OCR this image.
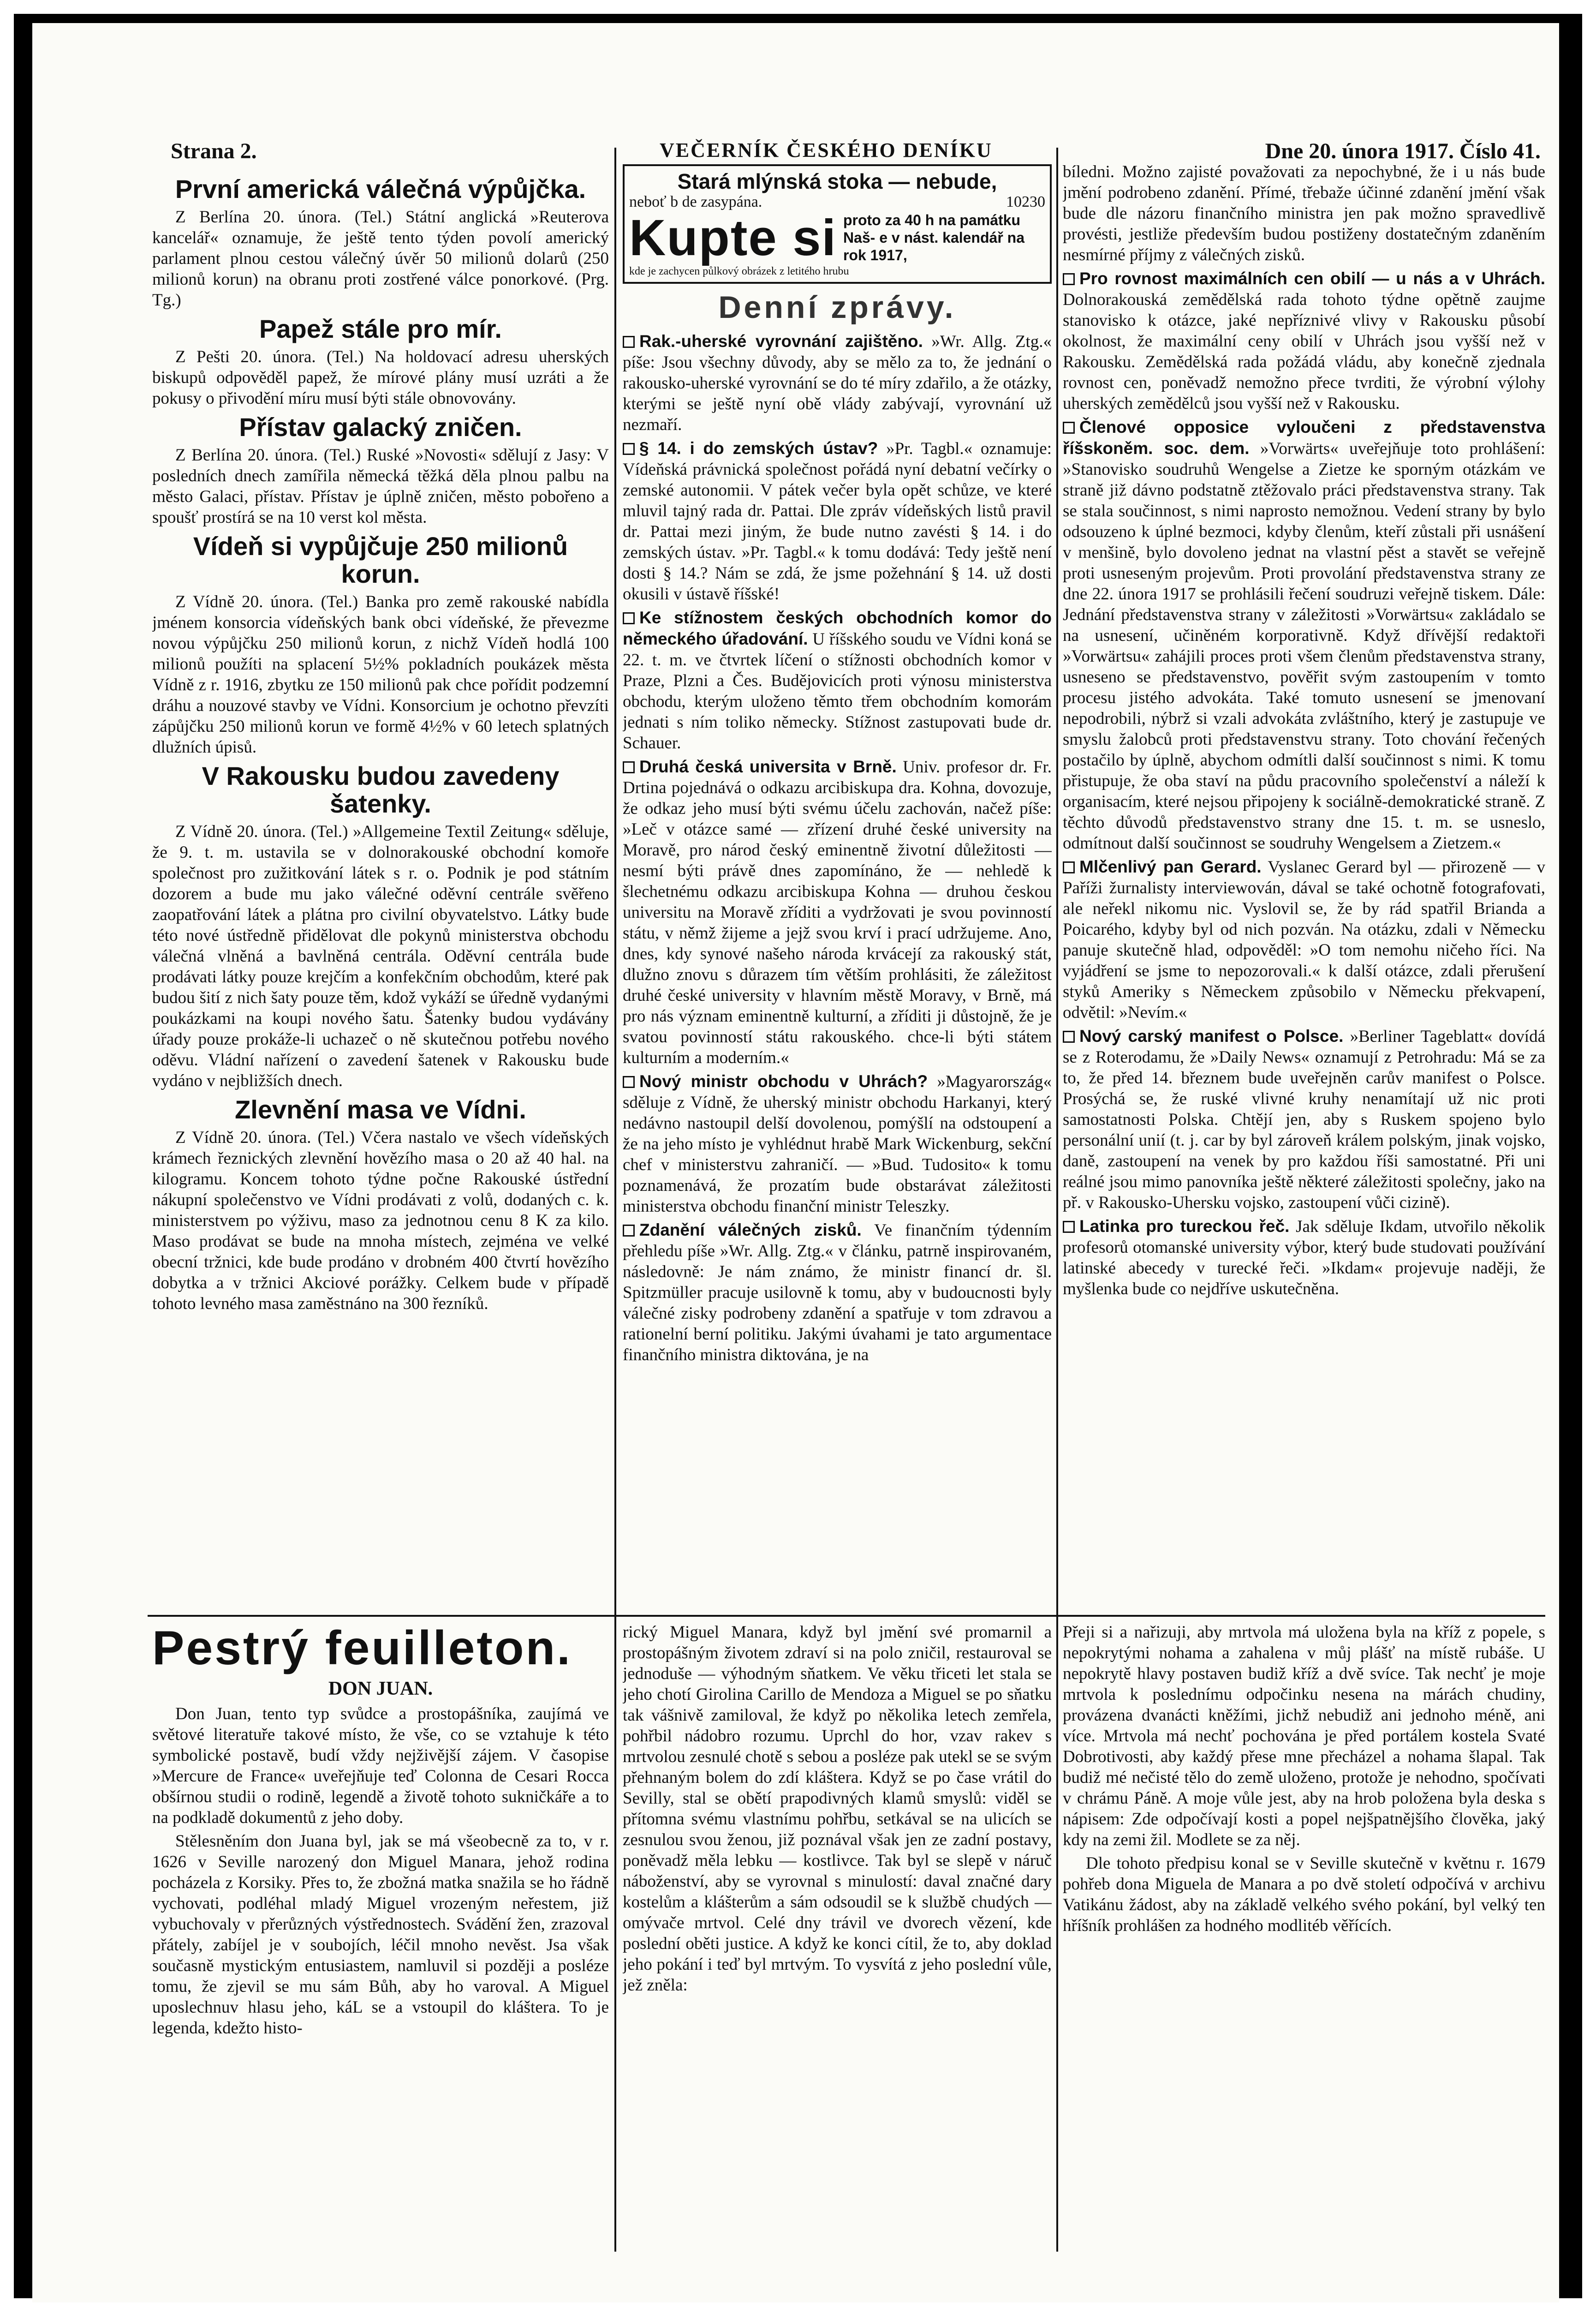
Strana 2.	VEČERNÍK ČESKÉHO DENÍKU	Dne 20. února 1917. Číslo 41.
První americká válečná výpůjčka.

Z Berlína 20. února. (Tel.) Státní anglická »Reuterova kancelář« oznamuje, že ještě tento týden povolí americký parlament plnou cestou válečný úvěr 50 milionů dolarů (250 milionů korun) na obranu proti zostřené válce ponorkové. (Prg. Tg.)

Papež stále pro mír.

Z Pešti 20. února. (Tel.) Na holdovací adresu uherských biskupů odpověděl papež, že mírové plány musí uzráti a že pokusy o přivodění míru musí býti stále obnovovány.

Přístav galacký zničen.

Z Berlína 20. února. (Tel.) Ruské »Novosti« sdělují z Jasy: V posledních dnech zamířila německá těžká děla plnou palbu na město Galaci, přístav. Přístav je úplně zničen, město pobořeno a spoušť prostírá se na 10 verst kol města.

Vídeň si vypůjčuje 250 milionů korun.

Z Vídně 20. února. (Tel.) Banka pro země rakouské nabídla jménem konsorcia vídeňských bank obci vídeňské, že převezme novou výpůjčku 250 milionů korun, z nichž Vídeň hodlá 100 milionů použíti na splacení 5½% pokladních poukázek města Vídně z r. 1916, zbytku ze 150 milionů pak chce pořídit podzemní dráhu a nouzové stavby ve Vídni. Konsorcium je ochotno převzíti zápůjčku 250 milionů korun ve formě 4½% v 60 letech splatných dlužních úpisů.

V Rakousku budou zavedeny šatenky.

Z Vídně 20. února. (Tel.) »Allgemeine Textil Zeitung« sděluje, že 9. t. m. ustavila se v dolnorakouské obchodní komoře společnost pro zužitkování látek s r. o. Podnik je pod státním dozorem a bude mu jako válečné oděvní centrále svěřeno zaopatřování látek a plátna pro civilní obyvatelstvo. Látky bude této nové ústředně přidělovat dle pokynů ministerstva obchodu válečná vlněná a bavlněná centrála. Oděvní centrála bude prodávati látky pouze krejčím a konfekčním obchodům, které pak budou šití z nich šaty pouze těm, kdož vykáží se úředně vydanými poukázkami na koupi nového šatu. Šatenky budou vydávány úřady pouze prokáže-li uchazeč o ně skutečnou potřebu nového oděvu. Vládní nařízení o zavedení šatenek v Rakousku bude vydáno v nejbližších dnech.

Zlevnění masa ve Vídni.

Z Vídně 20. února. (Tel.) Včera nastalo ve všech vídeňských krámech řeznických zlevnění hovězího masa o 20 až 40 hal. na kilogramu. Koncem tohoto týdne počne Rakouské ústřední nákupní společenstvo ve Vídni prodávati z volů, dodaných c. k. ministerstvem po výživu, maso za jednotnou cenu 8 K za kilo. Maso prodávat se bude na mnoha místech, zejména ve velké obecní tržnici, kde bude prodáno v drobném 400 čtvrtí hovězího dobytka a v tržnici Akciové porážky. Celkem bude v případě tohoto levného masa zaměstnáno na 300 řezníků.

Stará mlýnská stoka — nebude,
neboť b de zasypána.	10230
Kupte si proto za 40 h na památku Naš- e v nást. kalendář na rok 1917,
kde je zachycen půlkový obrázek z letitého hrubu
Denní zprávy.

Rak.-uherské vyrovnání zajištěno. »Wr. Allg. Ztg.« píše: Jsou všechny důvody, aby se mělo za to, že jednání o rakousko-uherské vyrovnání se do té míry zdařilo, a že otázky, kterými se ještě nyní obě vlády zabývají, vyrovnání už nezmaří.

§ 14. i do zemských ústav? »Pr. Tagbl.« oznamuje: Vídeňská právnická společnost pořádá nyní debatní večírky o zemské autonomii. V pátek večer byla opět schůze, ve které mluvil tajný rada dr. Pattai. Dle zpráv vídeňských listů pravil dr. Pattai mezi jiným, že bude nutno zavésti § 14. i do zemských ústav. »Pr. Tagbl.« k tomu dodává: Tedy ještě není dosti § 14.? Nám se zdá, že jsme požehnání § 14. už dosti okusili v ústavě říšské!

Ke stížnostem českých obchodních komor do německého úřadování. U říšského soudu ve Vídni koná se 22. t. m. ve čtvrtek líčení o stížnosti obchodních komor v Praze, Plzni a Čes. Budějovicích proti výnosu ministerstva obchodu, kterým uloženo těmto třem obchodním komorám jednati s ním toliko německy. Stížnost zastupovati bude dr. Schauer.

Druhá česká universita v Brně. Univ. profesor dr. Fr. Drtina pojednává o odkazu arcibiskupa dra. Kohna, dovozuje, že odkaz jeho musí býti svému účelu zachován, načež píše: »Leč v otázce samé — zřízení druhé české university na Moravě, pro národ český eminentně životní důležitosti — nesmí býti právě dnes zapomínáno, že — nehledě k šlechetnému odkazu arcibiskupa Kohna — druhou českou universitu na Moravě zříditi a vydržovati je svou povinností státu, v němž žijeme a jejž svou krví i prací udržujeme. Ano, dnes, kdy synové našeho národa krvácejí za rakouský stát, dlužno znovu s důrazem tím větším prohlásiti, že záležitost druhé české university v hlavním městě Moravy, v Brně, má pro nás význam eminentně kulturní, a zříditi ji důstojně, že je svatou povinností státu rakouského. chce-li býti státem kulturním a moderním.«

Nový ministr obchodu v Uhrách? »Magyarország« sděluje z Vídně, že uherský ministr obchodu Harkanyi, který nedávno nastoupil delší dovolenou, pomýšlí na odstoupení a že na jeho místo je vyhlédnut hrabě Mark Wickenburg, sekční chef v ministerstvu zahraničí. — »Bud. Tudosito« k tomu poznamenává, že prozatím bude obstarávat záležitosti ministerstva obchodu finanční ministr Teleszky.

Zdanění válečných zisků. Ve finančním týdenním přehledu píše »Wr. Allg. Ztg.« v článku, patrně inspirovaném, následovně: Je nám známo, že ministr financí dr. šl. Spitzmüller pracuje usilovně k tomu, aby v budoucnosti byly válečné zisky podrobeny zdanění a spatřuje v tom zdravou a rationelní berní politiku. Jakými úvahami je tato argumentace finančního ministra diktována, je na

bíledni. Možno zajisté považovati za nepochybné, že i u nás bude jmění podrobeno zdanění. Přímé, třebaže účinné zdanění jmění však bude dle názoru finančního ministra jen pak možno spravedlivě provésti, jestliže především budou postiženy dostatečným zdaněním nesmírné příjmy z válečných zisků.

Pro rovnost maximálních cen obilí — u nás a v Uhrách. Dolnorakouská zemědělská rada tohoto týdne opětně zaujme stanovisko k otázce, jaké nepříznivé vlivy v Rakousku působí okolnost, že maximální ceny obilí v Uhrách jsou vyšší než v Rakousku. Zemědělská rada požádá vládu, aby konečně zjednala rovnost cen, poněvadž nemožno přece tvrditi, že výrobní výlohy uherských zemědělců jsou vyšší než v Rakousku.

Členové opposice vyloučeni z představenstva říšskoněm. soc. dem. »Vorwärts« uveřejňuje toto prohlášení: »Stanovisko soudruhů Wengelse a Zietze ke sporným otázkám ve straně již dávno podstatně ztěžovalo práci představenstva strany. Tak se stala součinnost, s nimi naprosto nemožnou. Vedení strany by bylo odsouzeno k úplné bezmoci, kdyby členům, kteří zůstali při usnášení v menšině, bylo dovoleno jednat na vlastní pěst a stavět se veřejně proti usneseným projevům. Proti provolání představenstva strany ze dne 22. února 1917 se prohlásili řečení soudruzi veřejně tiskem. Dále: Jednání představenstva strany v záležitosti »Vorwärtsu« zakládalo se na usnesení, učiněném korporativně. Když dřívější redaktoři »Vorwärtsu« zahájili proces proti všem členům představenstva strany, usneseno se představenstvo, pověřit svým zastoupením v tomto procesu jistého advokáta. Také tomuto usnesení se jmenovaní nepodrobili, nýbrž si vzali advokáta zvláštního, který je zastupuje ve smyslu žalobců proti představenstvu strany. Toto chování řečených postačilo by úplně, abychom odmítli další součinnost s nimi. K tomu přistupuje, že oba staví na půdu pracovního společenství a náleží k organisacím, které nejsou připojeny k sociálně-demokratické straně. Z těchto důvodů představenstvo strany dne 15. t. m. se usneslo, odmítnout další součinnost se soudruhy Wengelsem a Zietzem.«

Mlčenlivý pan Gerard. Vyslanec Gerard byl — přirozeně — v Paříži žurnalisty interviewován, dával se také ochotně fotografovati, ale neřekl nikomu nic. Vyslovil se, že by rád spatřil Brianda a Poicarého, kdyby byl od nich pozván. Na otázku, zdali v Německu panuje skutečně hlad, odpověděl: »O tom nemohu ničeho říci. Na vyjádření se jsme to nepozorovali.« k další otázce, zdali přerušení styků Ameriky s Německem způsobilo v Německu překvapení, odvětil: »Nevím.«

Nový carský manifest o Polsce. »Berliner Tageblatt« dovídá se z Roterodamu, že »Daily News« oznamují z Petrohradu: Má se za to, že před 14. březnem bude uveřejněn carův manifest o Polsce. Prosýchá se, že ruské vlivné kruhy nenamítají už nic proti samostatnosti Polska. Chtějí jen, aby s Ruskem spojeno bylo personální unií (t. j. car by byl zároveň králem polským, jinak vojsko, daně, zastoupení na venek by pro každou říši samostatné. Při uni reálné jsou mimo panovníka ještě některé záležitosti společny, jako na př. v Rakousko-Uhersku vojsko, zastoupení vůči cizině).

Latinka pro tureckou řeč. Jak sděluje Ikdam, utvořilo několik profesorů otomanské university výbor, který bude studovati používání latinské abecedy v turecké řeči. »Ikdam« projevuje naději, že myšlenka bude co nejdříve uskutečněna.

Pestrý feuilleton.
DON JUAN.

Don Juan, tento typ svůdce a prostopášníka, zaujímá ve světové literatuře takové místo, že vše, co se vztahuje k této symbolické postavě, budí vždy nejživější zájem. V časopise »Mercure de France« uveřejňuje teď Colonna de Cesari Rocca obšírnou studii o rodině, legendě a životě tohoto sukničkáře a to na podkladě dokumentů z jeho doby.

Stělesněním don Juana byl, jak se má všeobecně za to, v r. 1626 v Seville narozený don Miguel Manara, jehož rodina pocházela z Korsiky. Přes to, že zbožná matka snažila se ho řádně vychovati, podléhal mladý Miguel vrozeným neřestem, již vybuchovaly v přerůzných výstřednostech. Svádění žen, zrazoval přátely, zabíjel je v soubojích, léčil mnoho nevěst. Jsa však současně mystickým entusiastem, namluvil si později a posléze tomu, že zjevil se mu sám Bůh, aby ho varoval. A Miguel uposlechnuv hlasu jeho, káL se a vstoupil do kláštera. To je legenda, kdežto histo-

rický Miguel Manara, když byl jmění své promarnil a prostopášným životem zdraví si na polo zničil, restauroval se jednoduše — výhodným sňatkem. Ve věku třiceti let stala se jeho chotí Girolina Carillo de Mendoza a Miguel se po sňatku tak vášnivě zamiloval, že když po několika letech zemřela, pohřbil nádobro rozumu. Uprchl do hor, vzav rakev s mrtvolou zesnulé chotě s sebou a posléze pak utekl se se svým přehnaným bolem do zdí kláštera. Když se po čase vrátil do Sevilly, stal se obětí prapodivných klamů smyslů: viděl se přítomna svému vlastnímu pohřbu, setkával se na ulicích se zesnulou svou ženou, již poznával však jen ze zadní postavy, poněvadž měla lebku — kostlivce. Tak byl se slepě v náruč náboženství, aby se vyrovnal s minulostí: daval značné dary kostelům a klášterům a sám odsoudil se k službě chudých — omývače mrtvol. Celé dny trávil ve dvorech vězení, kde poslední oběti justice. A když ke konci cítil, že to, aby doklad jeho pokání i teď byl mrtvým. To vysvítá z jeho poslední vůle, jež zněla:

Přeji si a nařizuji, aby mrtvola má uložena byla na kříž z popele, s nepokrytými nohama a zahalena v můj plášť na místě rubáše. U nepokrytě hlavy postaven budiž kříž a dvě svíce. Tak nechť je moje mrtvola k poslednímu odpočinku nesena na márách chudiny, provázena dvanácti kněžími, jichž nebudiž ani jednoho méně, ani více. Mrtvola má nechť pochována je před portálem kostela Svaté Dobrotivosti, aby každý přese mne přecházel a nohama šlapal. Tak budiž mé nečisté tělo do země uloženo, protože je nehodno, spočívati v chrámu Páně. A moje vůle jest, aby na hrob položena byla deska s nápisem: Zde odpočívají kosti a popel nejšpatnějšího člověka, jaký kdy na zemi žil. Modlete se za něj.

Dle tohoto předpisu konal se v Seville skutečně v květnu r. 1679 pohřeb dona Miguela de Manara a po dvě století odpočívá v archivu Vatikánu žádost, aby na základě velkého svého pokání, byl velký ten hříšník prohlášen za hodného modlitéb věřících.
